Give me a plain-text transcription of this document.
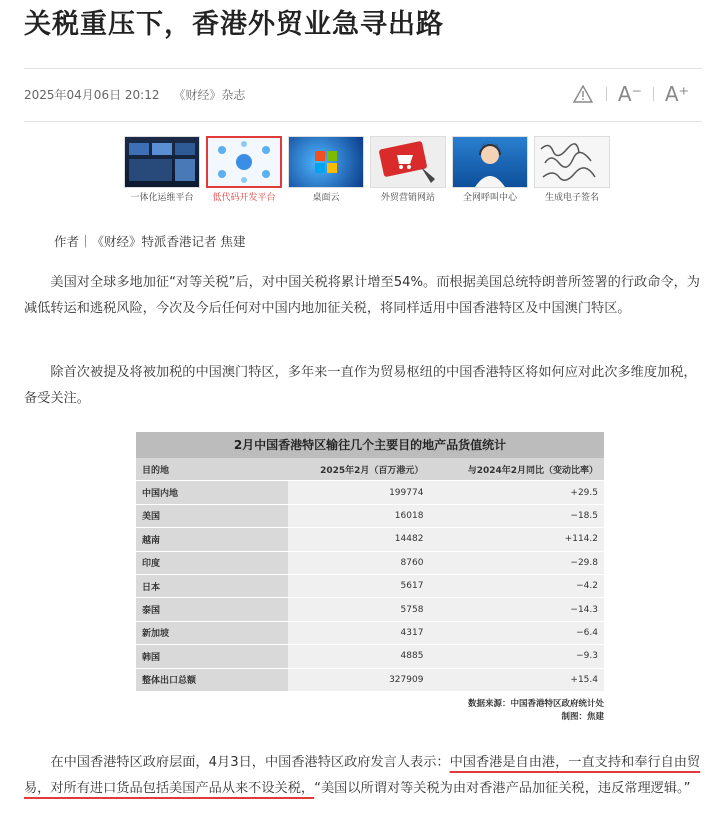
关税重压下，香港外贸业急寻出路
2025年04月06日 20:12 《财经》杂志	A⁻ A⁺
一体化运维平台	低代码开发平台	桌面云	外贸营销网站	全网呼叫中心	生成电子签名
作者｜《财经》特派香港记者 焦建
美国对全球多地加征“对等关税”后，对中国关税将累计增至54%。而根据美国总统特朗普所签署的行政命令，为减低转运和逃税风险，今次及今后任何对中国内地加征关税，将同样适用中国香港特区及中国澳门特区。
除首次被提及将被加税的中国澳门特区，多年来一直作为贸易枢纽的中国香港特区将如何应对此次多维度加税，备受关注。
2月中国香港特区输往几个主要目的地产品货值统计
目的地	2025年2月（百万港元）	与2024年2月同比（变动比率）
中国内地	199774	+29.5
美国	16018	−18.5
越南	14482	+114.2
印度	8760	−29.8
日本	5617	−4.2
泰国	5758	−14.3
新加坡	4317	−6.4
韩国	4885	−9.3
整体出口总额	327909	+15.4
数据来源：中国香港特区政府统计处
制图：焦建
在中国香港特区政府层面，4月3日，中国香港特区政府发言人表示：中国香港是自由港，一直支持和奉行自由贸易，对所有进口货品包括美国产品从来不设关税，“美国以所谓对等关税为由对香港产品加征关税，违反常理逻辑。”
